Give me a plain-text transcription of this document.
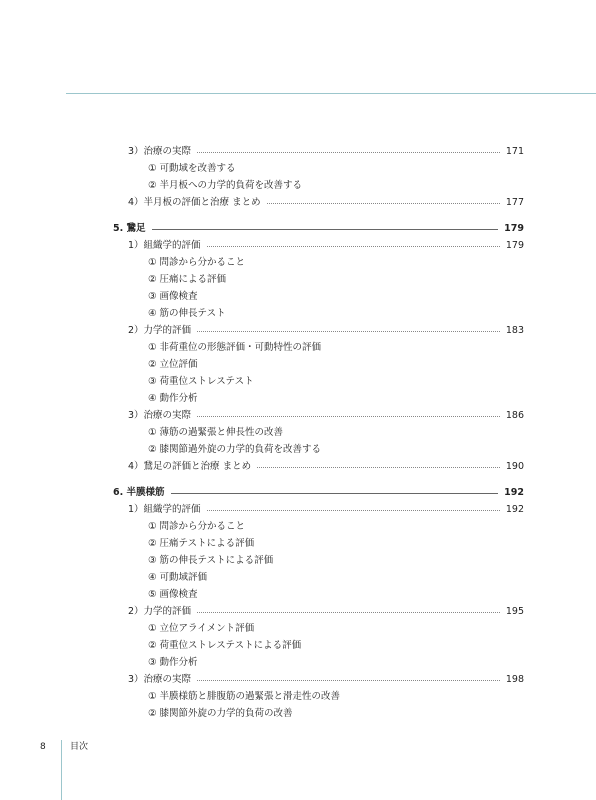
3）治療の実際	171
① 可動域を改善する
② 半月板への力学的負荷を改善する
4）半月板の評価と治療 まとめ	177
5. 鵞足	179
1）組織学的評価	179
① 問診から分かること
② 圧痛による評価
③ 画像検査
④ 筋の伸長テスト
2）力学的評価	183
① 非荷重位の形態評価・可動特性の評価
② 立位評価
③ 荷重位ストレステスト
④ 動作分析
3）治療の実際	186
① 薄筋の過緊張と伸長性の改善
② 膝関節過外旋の力学的負荷を改善する
4）鵞足の評価と治療 まとめ	190
6. 半膜様筋	192
1）組織学的評価	192
① 問診から分かること
② 圧痛テストによる評価
③ 筋の伸長テストによる評価
④ 可動域評価
⑤ 画像検査
2）力学的評価	195
① 立位アライメント評価
② 荷重位ストレステストによる評価
③ 動作分析
3）治療の実際	198
① 半膜様筋と腓腹筋の過緊張と滑走性の改善
② 膝関節外旋の力学的負荷の改善
8	目次
